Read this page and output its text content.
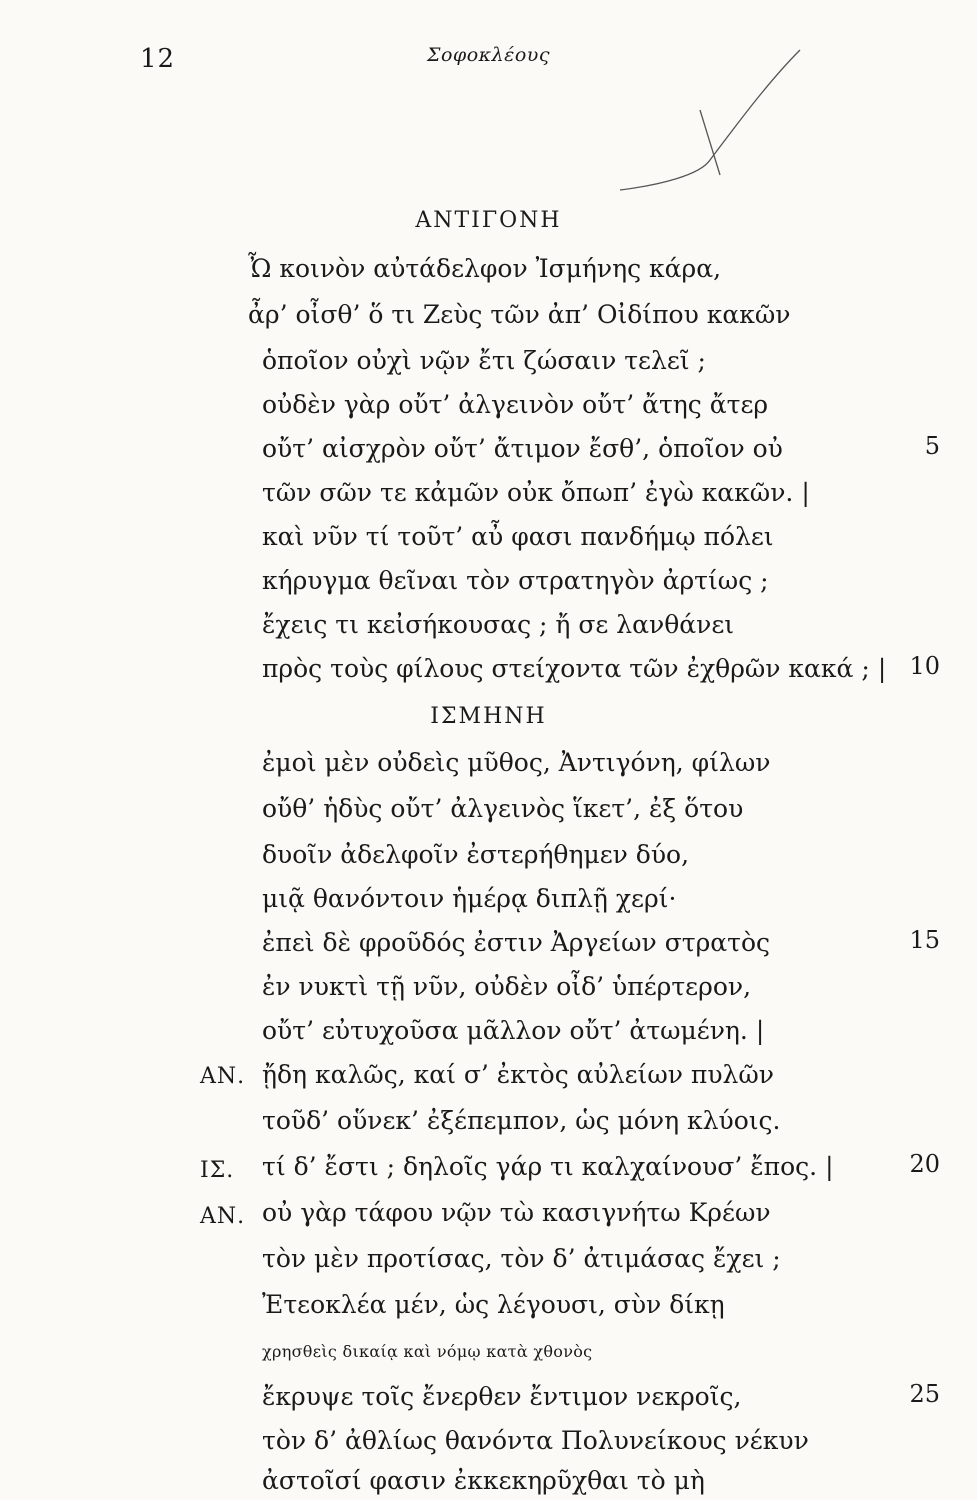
12	Σοφοκλέους
ΑΝΤΙΓΟΝΗ
Ὦ κοινὸν αὐτάδελφον Ἰσμήνης κάρα,
ἆρ’ οἶσθ’ ὅ τι Ζεὺς τῶν ἀπ’ Οἰδίπου κακῶν
ὁποῖον οὐχὶ νῷν ἔτι ζώσαιν τελεῖ ;
οὐδὲν γὰρ οὔτ’ ἀλγεινὸν οὔτ’ ἄτης ἄτερ
οὔτ’ αἰσχρὸν οὔτ’ ἄτιμον ἔσθ’, ὁποῖον οὐ	5
τῶν σῶν τε κἀμῶν οὐκ ὄπωπ’ ἐγὼ κακῶν. |
καὶ νῦν τί τοῦτ’ αὖ φασι πανδήμῳ πόλει
κήρυγμα θεῖναι τὸν στρατηγὸν ἀρτίως ;
ἔχεις τι κεἰσήκουσας ; ἤ σε λανθάνει
πρὸς τοὺς φίλους στείχοντα τῶν ἐχθρῶν κακά ; | 10
ΙΣΜΗΝΗ
ἐμοὶ μὲν οὐδεὶς μῦθος, Ἀντιγόνη, φίλων
οὔθ’ ἡδὺς οὔτ’ ἀλγεινὸς ἵκετ’, ἐξ ὅτου
δυοῖν ἀδελφοῖν ἐστερήθημεν δύο,
μιᾷ θανόντοιν ἡμέρᾳ διπλῇ χερί·
ἐπεὶ δὲ φροῦδός ἐστιν Ἀργείων στρατὸς	15
ἐν νυκτὶ τῇ νῦν, οὐδὲν οἶδ’ ὑπέρτερον,
οὔτ’ εὐτυχοῦσα μᾶλλον οὔτ’ ἀτωμένη. |
ΑΝ. ᾔδη καλῶς, καί σ’ ἐκτὸς αὐλείων πυλῶν
τοῦδ’ οὕνεκ’ ἐξέπεμπον, ὡς μόνη κλύοις.
ΙΣ. τί δ’ ἔστι ; δηλοῖς γάρ τι καλχαίνουσ’ ἔπος. |	20
ΑΝ. οὐ γὰρ τάφου νῷν τὼ κασιγνήτω Κρέων
τὸν μὲν προτίσας, τὸν δ’ ἀτιμάσας ἔχει ;
Ἐτεοκλέα μέν, ὡς λέγουσι, σὺν δίκῃ
χρησθεὶς δικαίᾳ καὶ νόμῳ κατὰ χθονὸς
ἔκρυψε τοῖς ἔνερθεν ἔντιμον νεκροῖς,	25
τὸν δ’ ἀθλίως θανόντα Πολυνείκους νέκυν
ἀστοῖσί φασιν ἐκκεκηρῦχθαι τὸ μὴ
